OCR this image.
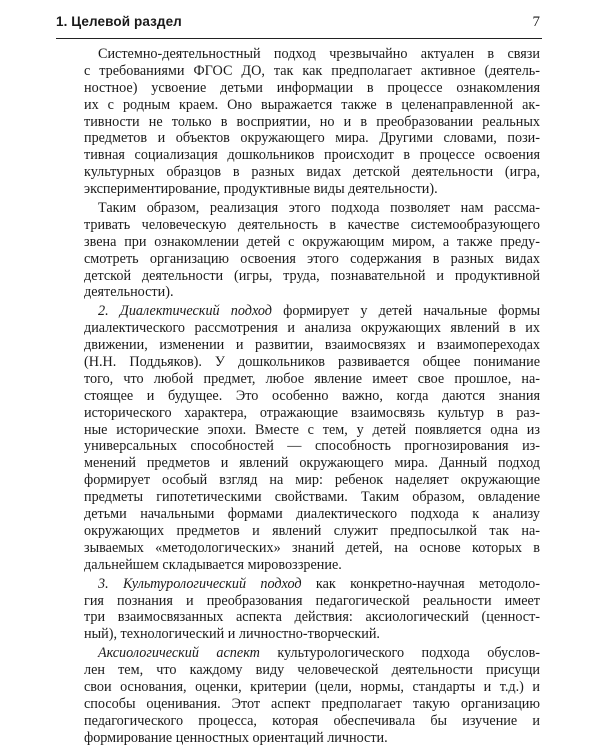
1. Целевой раздел	7
Системно-деятельностный подход чрезвычайно актуален в связи
с требованиями ФГОС ДО, так как предполагает активное (деятель-
ностное) усвоение детьми информации в процессе ознакомления
их с родным краем. Оно выражается также в целенаправленной ак-
тивности не только в восприятии, но и в преобразовании реальных
предметов и объектов окружающего мира. Другими словами, пози-
тивная социализация дошкольников происходит в процессе освоения
культурных образцов в разных видах детской деятельности (игра,
экспериментирование, продуктивные виды деятельности).
Таким образом, реализация этого подхода позволяет нам рассма-
тривать человеческую деятельность в качестве системообразующего
звена при ознакомлении детей с окружающим миром, а также преду-
смотреть организацию освоения этого содержания в разных видах
детской деятельности (игры, труда, познавательной и продуктивной
деятельности).
2. Диалектический подход формирует у детей начальные формы
диалектического рассмотрения и анализа окружающих явлений в их
движении, изменении и развитии, взаимосвязях и взаимопереходах
(Н.Н. Поддьяков). У дошкольников развивается общее понимание
того, что любой предмет, любое явление имеет свое прошлое, на-
стоящее и будущее. Это особенно важно, когда даются знания
исторического характера, отражающие взаимосвязь культур в раз-
ные исторические эпохи. Вместе с тем, у детей появляется одна из
универсальных способностей — способность прогнозирования из-
менений предметов и явлений окружающего мира. Данный подход
формирует особый взгляд на мир: ребенок наделяет окружающие
предметы гипотетическими свойствами. Таким образом, овладение
детьми начальными формами диалектического подхода к анализу
окружающих предметов и явлений служит предпосылкой так на-
зываемых «методологических» знаний детей, на основе которых в
дальнейшем складывается мировоззрение.
3. Культурологический подход как конкретно-научная методоло-
гия познания и преобразования педагогической реальности имеет
три взаимосвязанных аспекта действия: аксиологический (ценност-
ный), технологический и личностно-творческий.
Аксиологический аспект культурологического подхода обуслов-
лен тем, что каждому виду человеческой деятельности присущи
свои основания, оценки, критерии (цели, нормы, стандарты и т.д.) и
способы оценивания. Этот аспект предполагает такую организацию
педагогического процесса, которая обеспечивала бы изучение и
формирование ценностных ориентаций личности.
